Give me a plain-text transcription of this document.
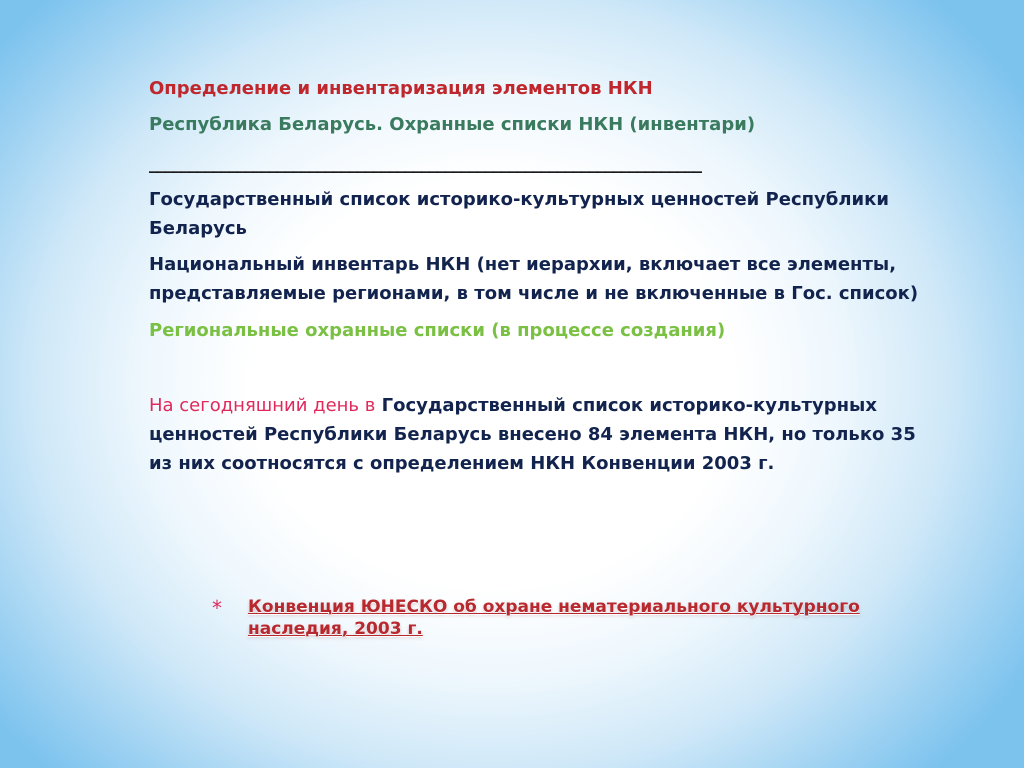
Определение и инвентаризация элементов НКН

Республика Беларусь. Охранные списки НКН (инвентари)

_____________________________________________________________________

Государственный список историко-культурных ценностей Республики Беларусь

Национальный инвентарь НКН (нет иерархии, включает все элементы, представляемые регионами, в том числе и не включенные в Гос. список)

Региональные охранные списки (в процессе создания)

На сегодняшний день в Государственный список историко-культурных ценностей Республики Беларусь внесено 84 элемента НКН, но только 35 из них соотносятся с определением НКН Конвенции 2003 г.

*	Конвенция ЮНЕСКО об охране нематериального культурного наследия, 2003 г.
